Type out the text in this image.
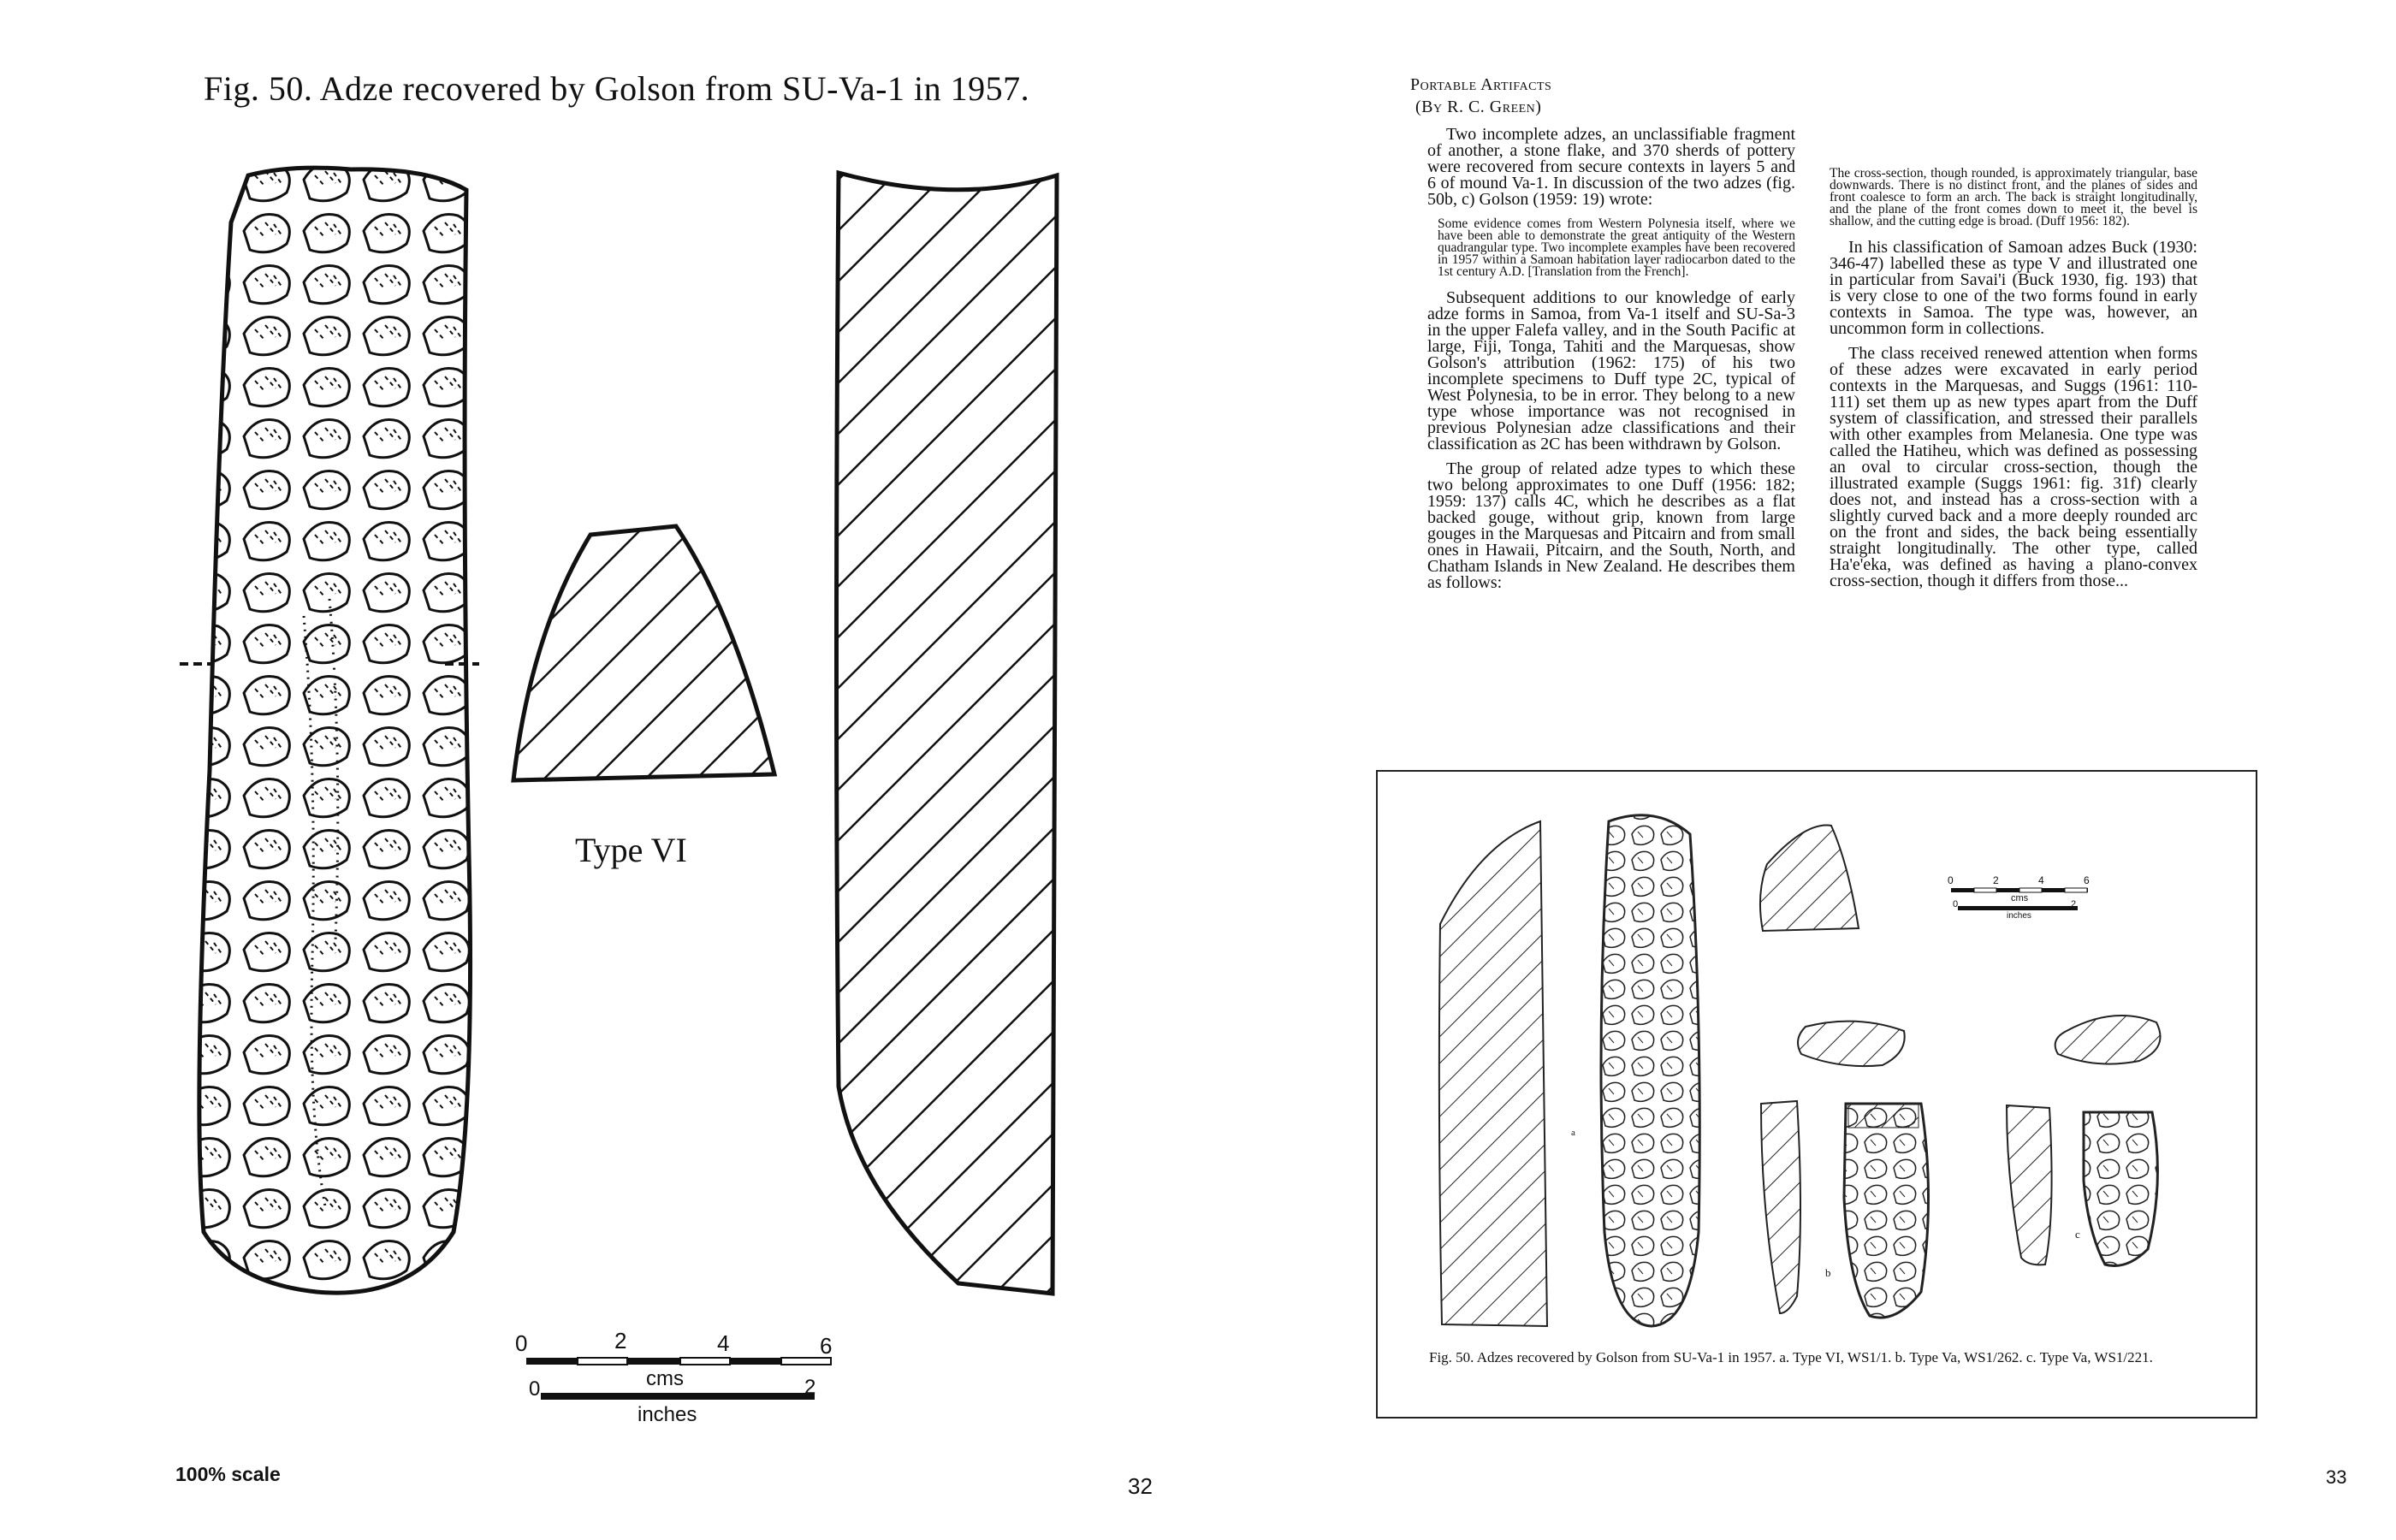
Fig. 50. Adze recovered by Golson from SU-Va-1 in 1957.
Type VI
0	2	4	6
cms
0	2
inches
100% scale	32
Portable Artifacts
(By R. C. Green)

Two incomplete adzes, an unclassifiable fragment of another, a stone flake, and 370 sherds of pottery were recovered from secure contexts in layers 5 and 6 of mound Va-1. In discussion of the two adzes (fig. 50b, c) Golson (1959: 19) wrote:

Some evidence comes from Western Polynesia itself, where we have been able to demonstrate the great antiquity of the Western quadrangular type. Two incomplete examples have been recovered in 1957 within a Samoan habitation layer radiocarbon dated to the 1st century A.D. [Translation from the French].

Subsequent additions to our knowledge of early adze forms in Samoa, from Va-1 itself and SU-Sa-3 in the upper Falefa valley, and in the South Pacific at large, Fiji, Tonga, Tahiti and the Marquesas, show Golson's attribution (1962: 175) of his two incomplete specimens to Duff type 2C, typical of West Polynesia, to be in error. They belong to a new type whose importance was not recognised in previous Polynesian adze classifications and their classification as 2C has been withdrawn by Golson.

The group of related adze types to which these two belong approximates to one Duff (1956: 182; 1959: 137) calls 4C, which he describes as a flat backed gouge, without grip, known from large gouges in the Marquesas and Pitcairn and from small ones in Hawaii, Pitcairn, and the South, North, and Chatham Islands in New Zealand. He describes them as follows:

The cross-section, though rounded, is approximately triangular, base downwards. There is no distinct front, and the planes of sides and front coalesce to form an arch. The back is straight longitudinally, and the plane of the front comes down to meet it, the bevel is shallow, and the cutting edge is broad. (Duff 1956: 182).

In his classification of Samoan adzes Buck (1930: 346-47) labelled these as type V and illustrated one in particular from Savai'i (Buck 1930, fig. 193) that is very close to one of the two forms found in early contexts in Samoa. The type was, however, an uncommon form in collections.

The class received renewed attention when forms of these adzes were excavated in early period contexts in the Marquesas, and Suggs (1961: 110-111) set them up as new types apart from the Duff system of classification, and stressed their parallels with other examples from Melanesia. One type was called the Hatiheu, which was defined as possessing an oval to circular cross-section, though the illustrated example (Suggs 1961: fig. 31f) clearly does not, and instead has a cross-section with a slightly curved back and a more deeply rounded arc on the front and sides, the back being essentially straight longitudinally. The other type, called Ha'e'eka, was defined as having a plano-convex cross-section, though it differs from those...

a
b
c
0	2	4	6
cms
0	2
inches
Fig. 50. Adzes recovered by Golson from SU-Va-1 in 1957. a. Type VI, WS1/1. b. Type Va, WS1/262. c. Type Va, WS1/221.
33
